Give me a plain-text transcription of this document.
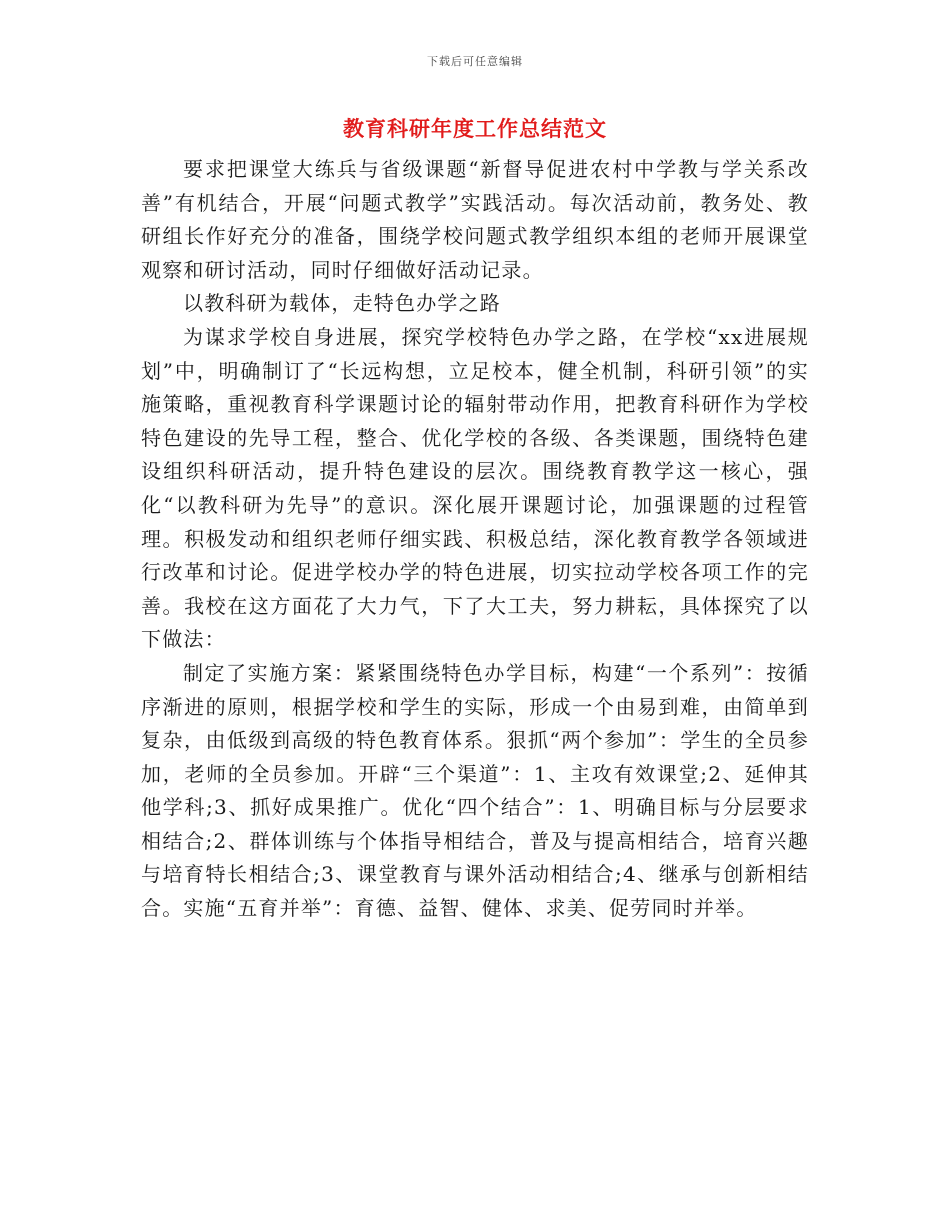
下载后可任意编辑
教育科研年度工作总结范文

要求把课堂大练兵与省级课题“新督导促进农村中学教与学关系改善”有机结合，开展“问题式教学”实践活动。每次活动前，教务处、教研组长作好充分的准备，围绕学校问题式教学组织本组的老师开展课堂观察和研讨活动，同时仔细做好活动记录。

以教科研为载体，走特色办学之路

为谋求学校自身进展，探究学校特色办学之路，在学校“xx进展规划”中，明确制订了“长远构想，立足校本，健全机制，科研引领”的实施策略，重视教育科学课题讨论的辐射带动作用，把教育科研作为学校特色建设的先导工程，整合、优化学校的各级、各类课题，围绕特色建设组织科研活动，提升特色建设的层次。围绕教育教学这一核心，强化“以教科研为先导”的意识。深化展开课题讨论，加强课题的过程管理。积极发动和组织老师仔细实践、积极总结，深化教育教学各领域进行改革和讨论。促进学校办学的特色进展，切实拉动学校各项工作的完善。我校在这方面花了大力气，下了大工夫，努力耕耘，具体探究了以下做法：

制定了实施方案：紧紧围绕特色办学目标，构建“一个系列”：按循序渐进的原则，根据学校和学生的实际，形成一个由易到难，由简单到复杂，由低级到高级的特色教育体系。狠抓“两个参加”：学生的全员参加，老师的全员参加。开辟“三个渠道”：1、主攻有效课堂;2、延伸其他学科;3、抓好成果推广。优化“四个结合”：1、明确目标与分层要求相结合;2、群体训练与个体指导相结合，普及与提高相结合，培育兴趣与培育特长相结合;3、课堂教育与课外活动相结合;4、继承与创新相结合。实施“五育并举”：育德、益智、健体、求美、促劳同时并举。
